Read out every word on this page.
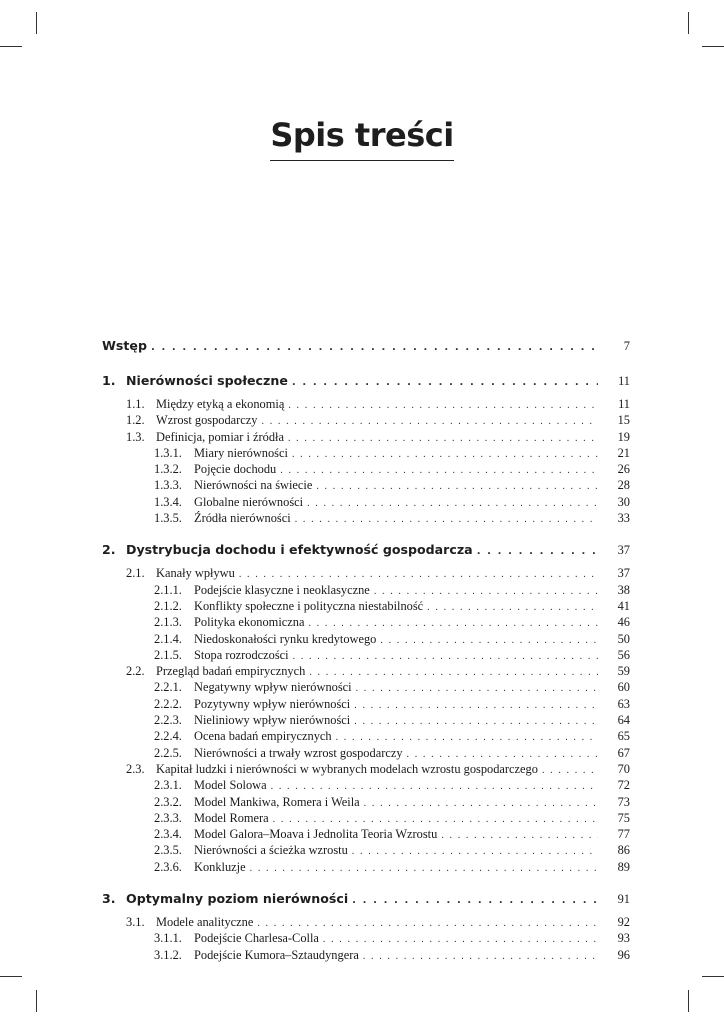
Spis treści
Wstęp . . .	7
1. Nierówności społeczne . . .	11
1.1. Między etyką a ekonomią . . .	11
1.2. Wzrost gospodarczy . . .	15
1.3. Definicja, pomiar i źródła . . .	19
1.3.1. Miary nierówności . . .	21
1.3.2. Pojęcie dochodu . . .	26
1.3.3. Nierówności na świecie . . .	28
1.3.4. Globalne nierówności . . .	30
1.3.5. Źródła nierówności . . .	33
2. Dystrybucja dochodu i efektywność gospodarcza . . .	37
2.1. Kanały wpływu . . .	37
2.1.1. Podejście klasyczne i neoklasyczne . . .	38
2.1.2. Konflikty społeczne i polityczna niestabilność . . .	41
2.1.3. Polityka ekonomiczna . . .	46
2.1.4. Niedoskonałości rynku kredytowego . . .	50
2.1.5. Stopa rozrodczości . . .	56
2.2. Przegląd badań empirycznych . . .	59
2.2.1. Negatywny wpływ nierówności . . .	60
2.2.2. Pozytywny wpływ nierówności . . .	63
2.2.3. Nieliniowy wpływ nierówności . . .	64
2.2.4. Ocena badań empirycznych . . .	65
2.2.5. Nierówności a trwały wzrost gospodarczy . . .	67
2.3. Kapitał ludzki i nierówności w wybranych modelach wzrostu gospodarczego . . .	70
2.3.1. Model Solowa . . .	72
2.3.2. Model Mankiwa, Romera i Weila . . .	73
2.3.3. Model Romera . . .	75
2.3.4. Model Galora–Moava i Jednolita Teoria Wzrostu . . .	77
2.3.5. Nierówności a ścieżka wzrostu . . .	86
2.3.6. Konkluzje . . .	89
3. Optymalny poziom nierówności . . .	91
3.1. Modele analityczne . . .	92
3.1.1. Podejście Charlesa-Colla . . .	93
3.1.2. Podejście Kumora–Sztaudyngera . . .	96
